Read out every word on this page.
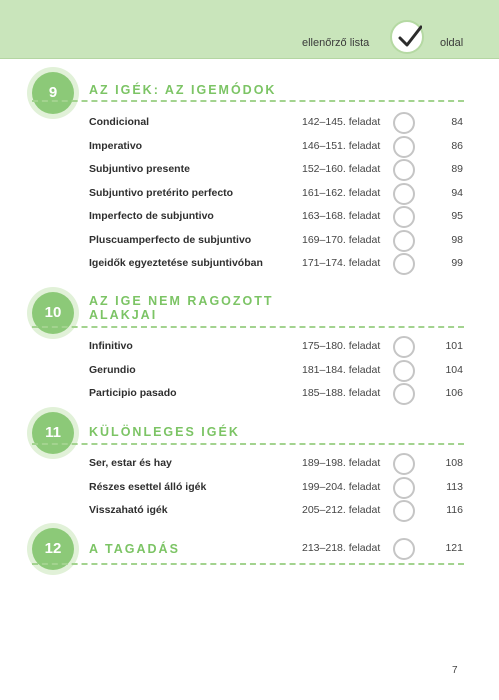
ellenőrző lista	oldal
9	AZ IGÉK: AZ IGEMÓDOK
Condicional	142–145. feladat	84
Imperativo	146–151. feladat	86
Subjuntivo presente	152–160. feladat	89
Subjuntivo pretérito perfecto	161–162. feladat	94
Imperfecto de subjuntivo	163–168. feladat	95
Pluscuamperfecto de subjuntivo	169–170. feladat	98
Igeidők egyeztetése subjuntivóban	171–174. feladat	99
10
AZ IGE NEM RAGOZOTT ALAKJAI
Infinitivo	175–180. feladat	101
Gerundio	181–184. feladat	104
Participio pasado	185–188. feladat	106
11	KÜLÖNLEGES IGÉK
Ser, estar és hay	189–198. feladat	108
Részes esettel álló igék	199–204. feladat	113
Visszaható igék	205–212. feladat	116
12	A TAGADÁS	213–218. feladat	121
7
